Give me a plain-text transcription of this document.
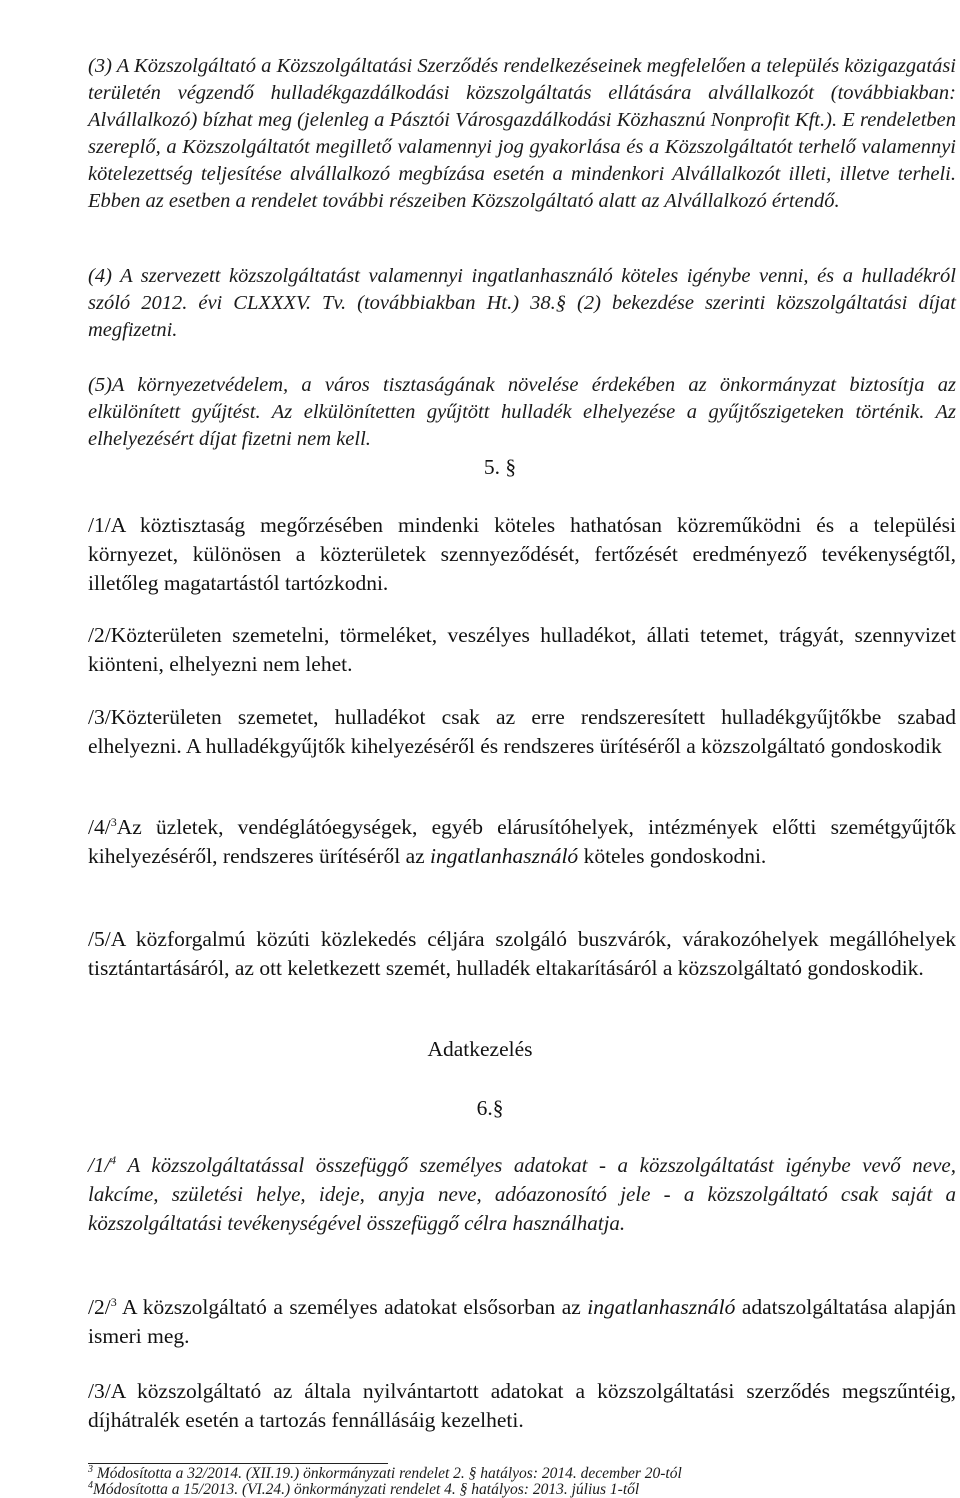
(3) A Közszolgáltató a Közszolgáltatási Szerződés rendelkezéseinek megfelelően a település közigazgatási területén végzendő hulladékgazdálkodási közszolgáltatás ellátására alvállalkozót (továbbiakban: Alvállalkozó) bízhat meg (jelenleg a Pásztói Városgazdálkodási Közhasznú Nonprofit Kft.). E rendeletben szereplő, a Közszolgáltatót megillető valamennyi jog gyakorlása és a Közszolgáltatót terhelő valamennyi kötelezettség teljesítése alvállalkozó megbízása esetén a mindenkori Alvállalkozót illeti, illetve terheli. Ebben az esetben a rendelet további részeiben Közszolgáltató alatt az Alvállalkozó értendő.

(4) A szervezett közszolgáltatást valamennyi ingatlanhasználó köteles igénybe venni, és a hulladékról szóló 2012. évi CLXXXV. Tv. (továbbiakban Ht.) 38.§ (2) bekezdése szerinti közszolgáltatási díjat megfizetni.

(5)A környezetvédelem, a város tisztaságának növelése érdekében az önkormányzat biztosítja az elkülönített gyűjtést. Az elkülönítetten gyűjtött hulladék elhelyezése a gyűjtőszigeteken történik. Az elhelyezésért díjat fizetni nem kell.

5. §

/1/A köztisztaság megőrzésében mindenki köteles hathatósan közreműködni és a települési környezet, különösen a közterületek szennyeződését, fertőzését eredményező tevékenységtől, illetőleg magatartástól tartózkodni.

/2/Közterületen szemetelni, törmeléket, veszélyes hulladékot, állati tetemet, trágyát, szennyvizet kiönteni, elhelyezni nem lehet.

/3/Közterületen szemetet, hulladékot csak az erre rendszeresített hulladékgyűjtőkbe szabad elhelyezni. A hulladékgyűjtők kihelyezéséről és rendszeres ürítéséről a közszolgáltató gondoskodik

/4/$^3$Az üzletek, vendéglátóegységek, egyéb elárusítóhelyek, intézmények előtti szemétgyűjtők kihelyezéséről, rendszeres ürítéséről az ingatlanhasználó köteles gondoskodni.

/5/A közforgalmú közúti közlekedés céljára szolgáló buszvárók, várakozóhelyek megállóhelyek tisztántartásáról, az ott keletkezett szemét, hulladék eltakarításáról a közszolgáltató gondoskodik.

Adatkezelés

6.§

/1/$^4$ A közszolgáltatással összefüggő személyes adatokat - a közszolgáltatást igénybe vevő neve, lakcíme, születési helye, ideje, anyja neve, adóazonosító jele - a közszolgáltató csak saját a közszolgáltatási tevékenységével összefüggő célra használhatja.

/2/$^3$ A közszolgáltató a személyes adatokat elsősorban az ingatlanhasználó adatszolgáltatása alapján ismeri meg.

/3/A közszolgáltató az általa nyilvántartott adatokat a közszolgáltatási szerződés megszűntéig, díjhátralék esetén a tartozás fennállásáig kezelheti.

$^3$ Módosította a 32/2014. (XII.19.) önkormányzati rendelet 2. § hatályos: 2014. december 20-tól

$^4$Módosította a 15/2013. (VI.24.) önkormányzati rendelet 4. § hatályos: 2013. július 1-től
